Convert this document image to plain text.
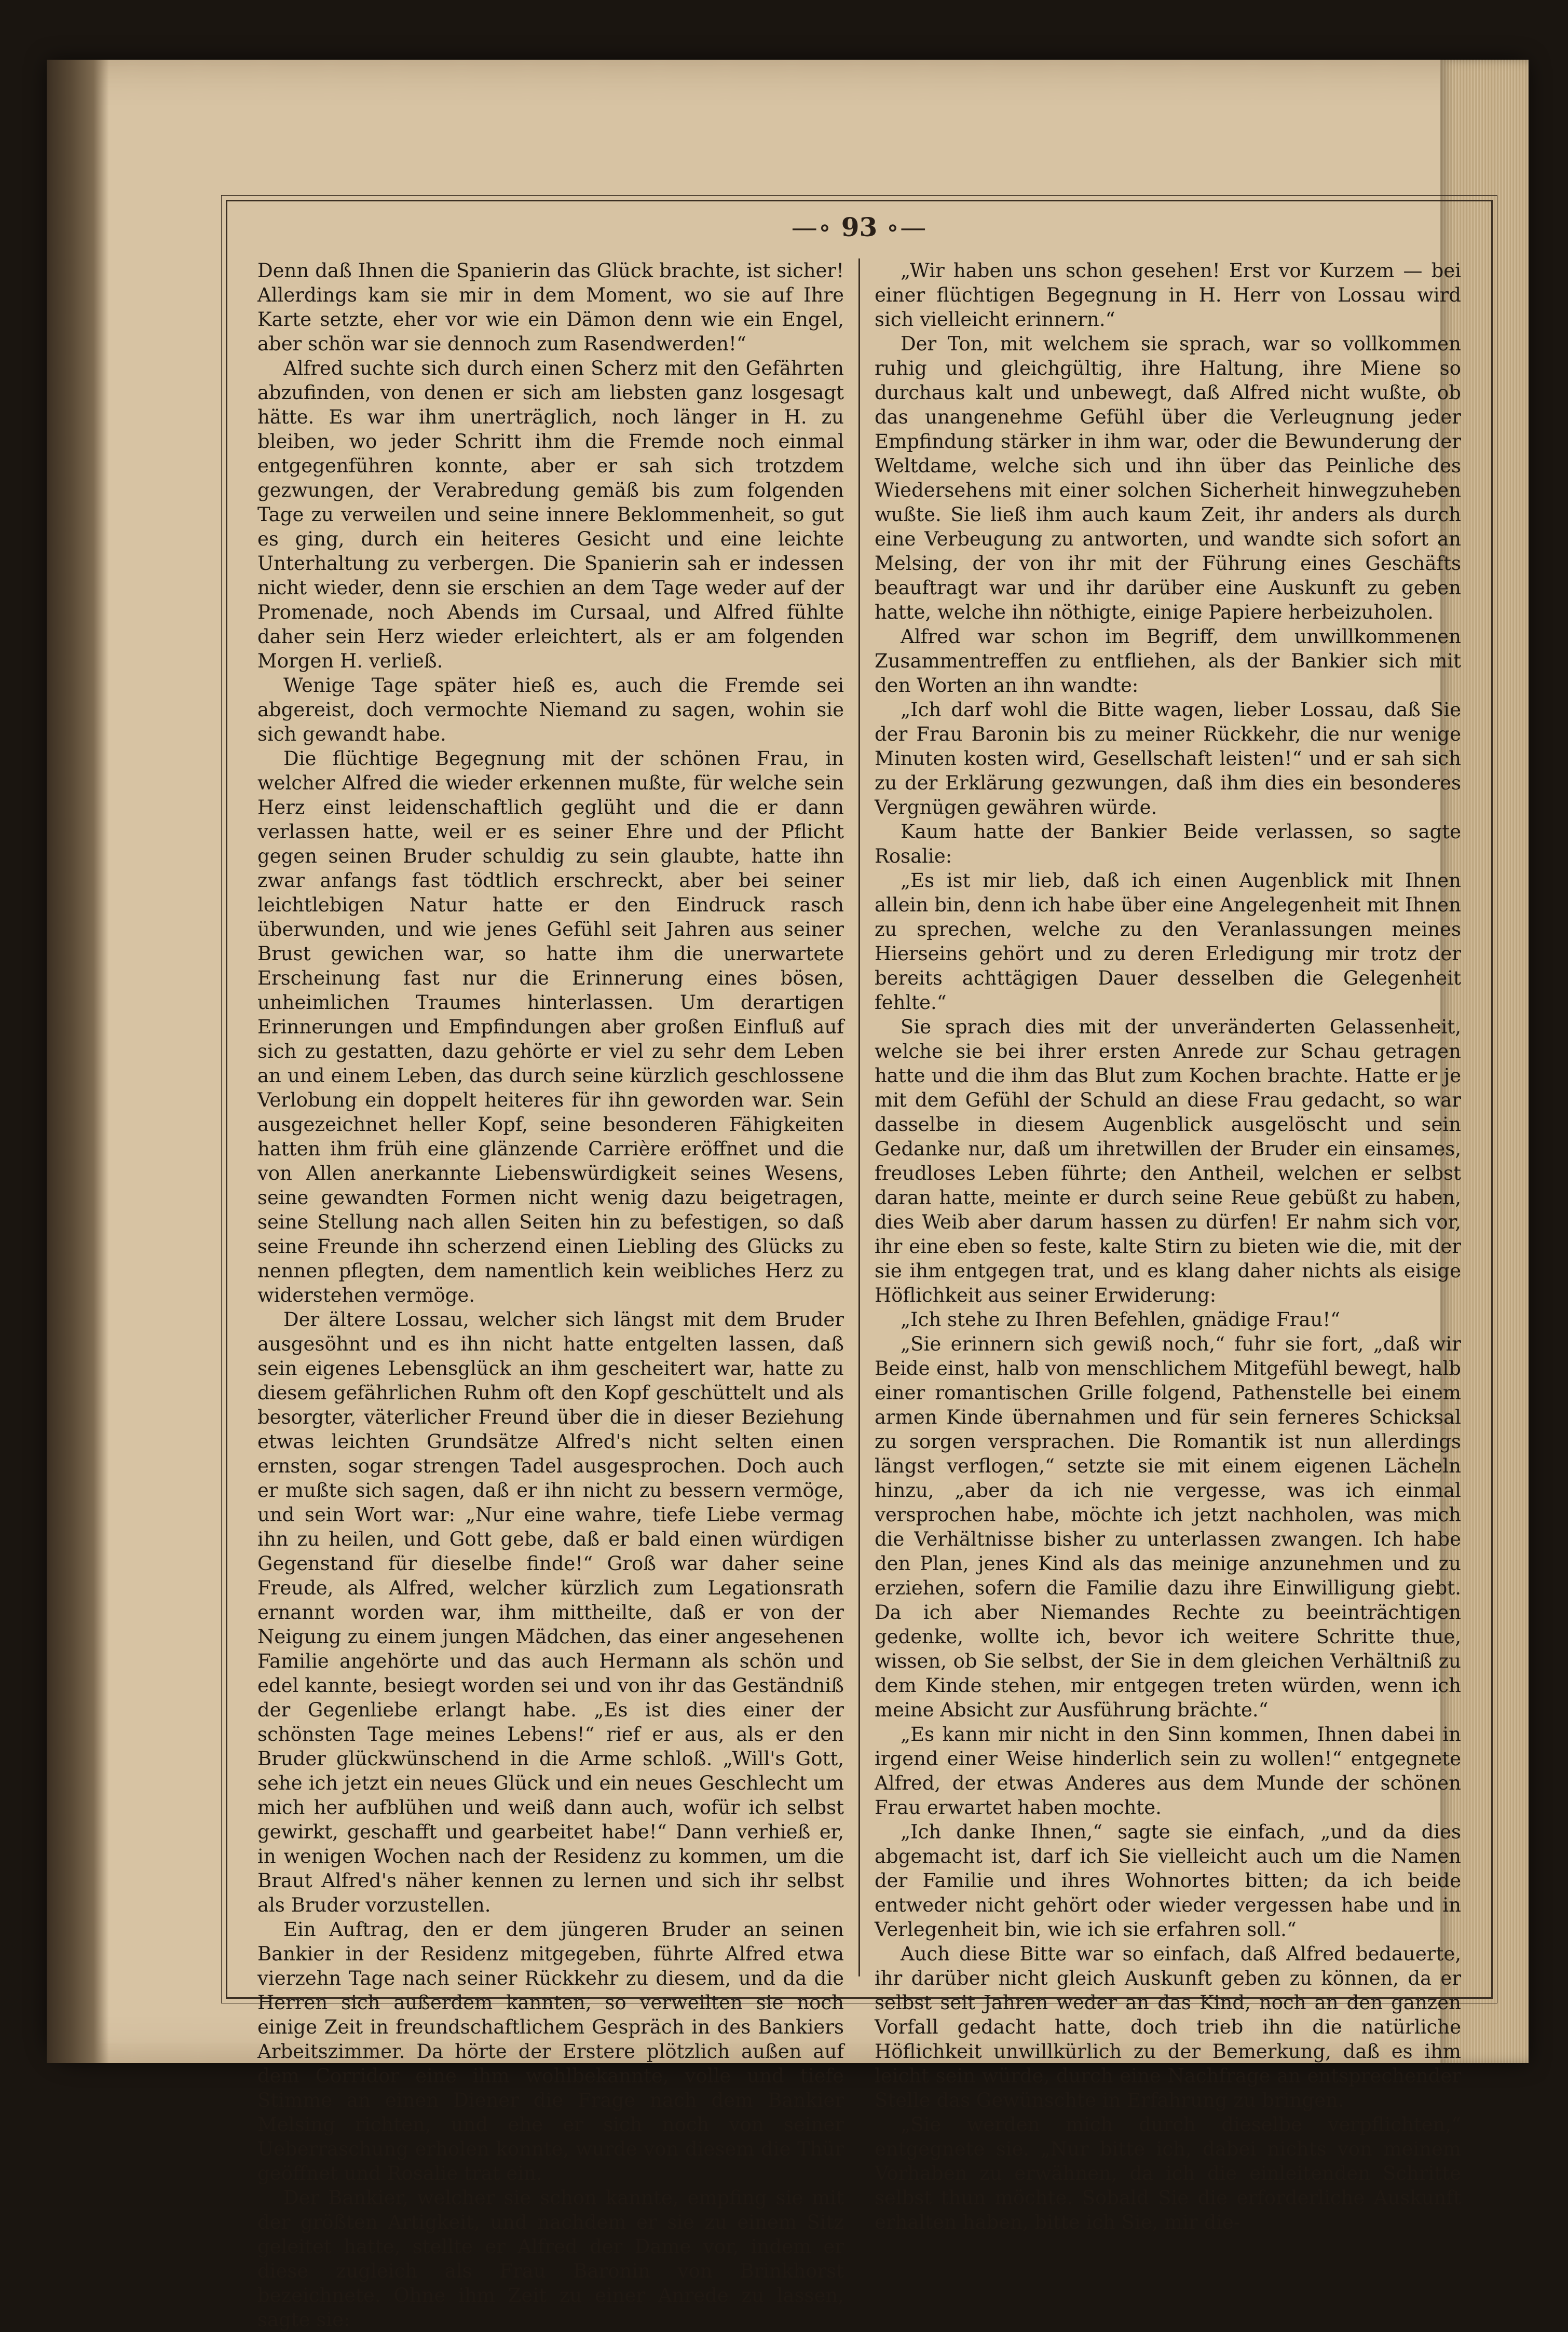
—∘ 93 ∘—

Denn daß Ihnen die Spanierin das Glück brachte, ist sicher! Allerdings kam sie mir in dem Moment, wo sie auf Ihre Karte setzte, eher vor wie ein Dämon denn wie ein Engel, aber schön war sie dennoch zum Rasendwerden!“

Alfred suchte sich durch einen Scherz mit den Gefährten abzufinden, von denen er sich am liebsten ganz losgesagt hätte. Es war ihm unerträglich, noch länger in H. zu bleiben, wo jeder Schritt ihm die Fremde noch einmal entgegenführen konnte, aber er sah sich trotzdem gezwungen, der Verabredung gemäß bis zum folgenden Tage zu verweilen und seine innere Beklommenheit, so gut es ging, durch ein heiteres Gesicht und eine leichte Unterhaltung zu verbergen. Die Spanierin sah er indessen nicht wieder, denn sie erschien an dem Tage weder auf der Promenade, noch Abends im Cursaal, und Alfred fühlte daher sein Herz wieder erleichtert, als er am folgenden Morgen H. verließ.

Wenige Tage später hieß es, auch die Fremde sei abgereist, doch vermochte Niemand zu sagen, wohin sie sich gewandt habe.

Die flüchtige Begegnung mit der schönen Frau, in welcher Alfred die wieder erkennen mußte, für welche sein Herz einst leidenschaftlich geglüht und die er dann verlassen hatte, weil er es seiner Ehre und der Pflicht gegen seinen Bruder schuldig zu sein glaubte, hatte ihn zwar anfangs fast tödtlich erschreckt, aber bei seiner leichtlebigen Natur hatte er den Eindruck rasch überwunden, und wie jenes Gefühl seit Jahren aus seiner Brust gewichen war, so hatte ihm die unerwartete Erscheinung fast nur die Erinnerung eines bösen, unheimlichen Traumes hinterlassen. Um derartigen Erinnerungen und Empfindungen aber großen Einfluß auf sich zu gestatten, dazu gehörte er viel zu sehr dem Leben an und einem Leben, das durch seine kürzlich geschlossene Verlobung ein doppelt heiteres für ihn geworden war. Sein ausgezeichnet heller Kopf, seine besonderen Fähigkeiten hatten ihm früh eine glänzende Carrière eröffnet und die von Allen anerkannte Liebenswürdigkeit seines Wesens, seine gewandten Formen nicht wenig dazu beigetragen, seine Stellung nach allen Seiten hin zu befestigen, so daß seine Freunde ihn scherzend einen Liebling des Glücks zu nennen pflegten, dem namentlich kein weibliches Herz zu widerstehen vermöge.

Der ältere Lossau, welcher sich längst mit dem Bruder ausgesöhnt und es ihn nicht hatte entgelten lassen, daß sein eigenes Lebensglück an ihm gescheitert war, hatte zu diesem gefährlichen Ruhm oft den Kopf geschüttelt und als besorgter, väterlicher Freund über die in dieser Beziehung etwas leichten Grundsätze Alfred's nicht selten einen ernsten, sogar strengen Tadel ausgesprochen. Doch auch er mußte sich sagen, daß er ihn nicht zu bessern vermöge, und sein Wort war: „Nur eine wahre, tiefe Liebe vermag ihn zu heilen, und Gott gebe, daß er bald einen würdigen Gegenstand für dieselbe finde!“ Groß war daher seine Freude, als Alfred, welcher kürzlich zum Legationsrath ernannt worden war, ihm mittheilte, daß er von der Neigung zu einem jungen Mädchen, das einer angesehenen Familie angehörte und das auch Hermann als schön und edel kannte, besiegt worden sei und von ihr das Geständniß der Gegenliebe erlangt habe. „Es ist dies einer der schönsten Tage meines Lebens!“ rief er aus, als er den Bruder glückwünschend in die Arme schloß. „Will's Gott, sehe ich jetzt ein neues Glück und ein neues Geschlecht um mich her aufblühen und weiß dann auch, wofür ich selbst gewirkt, geschafft und gearbeitet habe!“ Dann verhieß er, in wenigen Wochen nach der Residenz zu kommen, um die Braut Alfred's näher kennen zu lernen und sich ihr selbst als Bruder vorzustellen.

Ein Auftrag, den er dem jüngeren Bruder an seinen Bankier in der Residenz mitgegeben, führte Alfred etwa vierzehn Tage nach seiner Rückkehr zu diesem, und da die Herren sich außerdem kannten, so verweilten sie noch einige Zeit in freundschaftlichem Gespräch in des Bankiers Arbeitszimmer. Da hörte der Erstere plötzlich außen auf dem Corridor eine ihm wohlbekannte, volle und tiefe Stimme an einen Diener die Frage nach dem Bankier Melsing richten, und ehe er sich noch von seiner Ueberraschung erholen konnte, wurde von diesem die Thür geöffnet und Rosalie trat ein.

Der Bankier, welcher sie schon kannte, empfing sie mit der größten Artigkeit, und nachdem er sie zu einem Sitz geleitet hatte, stellte er Alfred der Dame vor, indem er diese zugleich als Frau Baronin von Brinkhorst bezeichnete. Ohne ihm Zeit zu einer Anrede zu lassen, sagte sie:

„Wir haben uns schon gesehen! Erst vor Kurzem — bei einer flüchtigen Begegnung in H. Herr von Lossau wird sich vielleicht erinnern.“

Der Ton, mit welchem sie sprach, war so vollkommen ruhig und gleichgültig, ihre Haltung, ihre Miene so durchaus kalt und unbewegt, daß Alfred nicht wußte, ob das unangenehme Gefühl über die Verleugnung jeder Empfindung stärker in ihm war, oder die Bewunderung der Weltdame, welche sich und ihn über das Peinliche des Wiedersehens mit einer solchen Sicherheit hinwegzuheben wußte. Sie ließ ihm auch kaum Zeit, ihr anders als durch eine Verbeugung zu antworten, und wandte sich sofort an Melsing, der von ihr mit der Führung eines Geschäfts beauftragt war und ihr darüber eine Auskunft zu geben hatte, welche ihn nöthigte, einige Papiere herbeizuholen.

Alfred war schon im Begriff, dem unwillkommenen Zusammentreffen zu entfliehen, als der Bankier sich mit den Worten an ihn wandte:

„Ich darf wohl die Bitte wagen, lieber Lossau, daß Sie der Frau Baronin bis zu meiner Rückkehr, die nur wenige Minuten kosten wird, Gesellschaft leisten!“ und er sah sich zu der Erklärung gezwungen, daß ihm dies ein besonderes Vergnügen gewähren würde.

Kaum hatte der Bankier Beide verlassen, so sagte Rosalie:

„Es ist mir lieb, daß ich einen Augenblick mit Ihnen allein bin, denn ich habe über eine Angelegenheit mit Ihnen zu sprechen, welche zu den Veranlassungen meines Hierseins gehört und zu deren Erledigung mir trotz der bereits achttägigen Dauer desselben die Gelegenheit fehlte.“

Sie sprach dies mit der unveränderten Gelassenheit, welche sie bei ihrer ersten Anrede zur Schau getragen hatte und die ihm das Blut zum Kochen brachte. Hatte er je mit dem Gefühl der Schuld an diese Frau gedacht, so war dasselbe in diesem Augenblick ausgelöscht und sein Gedanke nur, daß um ihretwillen der Bruder ein einsames, freudloses Leben führte; den Antheil, welchen er selbst daran hatte, meinte er durch seine Reue gebüßt zu haben, dies Weib aber darum hassen zu dürfen! Er nahm sich vor, ihr eine eben so feste, kalte Stirn zu bieten wie die, mit der sie ihm entgegen trat, und es klang daher nichts als eisige Höflichkeit aus seiner Erwiderung:

„Ich stehe zu Ihren Befehlen, gnädige Frau!“

„Sie erinnern sich gewiß noch,“ fuhr sie fort, „daß wir Beide einst, halb von menschlichem Mitgefühl bewegt, halb einer romantischen Grille folgend, Pathenstelle bei einem armen Kinde übernahmen und für sein ferneres Schicksal zu sorgen versprachen. Die Romantik ist nun allerdings längst verflogen,“ setzte sie mit einem eigenen Lächeln hinzu, „aber da ich nie vergesse, was ich einmal versprochen habe, möchte ich jetzt nachholen, was mich die Verhältnisse bisher zu unterlassen zwangen. Ich habe den Plan, jenes Kind als das meinige anzunehmen und zu erziehen, sofern die Familie dazu ihre Einwilligung giebt. Da ich aber Niemandes Rechte zu beeinträchtigen gedenke, wollte ich, bevor ich weitere Schritte thue, wissen, ob Sie selbst, der Sie in dem gleichen Verhältniß zu dem Kinde stehen, mir entgegen treten würden, wenn ich meine Absicht zur Ausführung brächte.“

„Es kann mir nicht in den Sinn kommen, Ihnen dabei in irgend einer Weise hinderlich sein zu wollen!“ entgegnete Alfred, der etwas Anderes aus dem Munde der schönen Frau erwartet haben mochte.

„Ich danke Ihnen,“ sagte sie einfach, „und da dies abgemacht ist, darf ich Sie vielleicht auch um die Namen der Familie und ihres Wohnortes bitten; da ich beide entweder nicht gehört oder wieder vergessen habe und in Verlegenheit bin, wie ich sie erfahren soll.“

Auch diese Bitte war so einfach, daß Alfred bedauerte, ihr darüber nicht gleich Auskunft geben zu können, da er selbst seit Jahren weder an das Kind, noch an den ganzen Vorfall gedacht hatte, doch trieb ihn die natürliche Höflichkeit unwillkürlich zu der Bemerkung, daß es ihm leicht sein würde, durch eine Nachfrage an entsprechender Stelle das Gewünschte in Erfahrung zu bringen.

„Sie werden mich durch dieselbe verpflichten,“ entgegnete sie. „Nur bitte ich, dabei nichts von meinem Vorhaben zu erwähnen, da ich die einleitenden Schritte selbst thun möchte. Sobald Sie die erforderliche Auskunft erhalten haben, bitte ich Sie, mir die-
